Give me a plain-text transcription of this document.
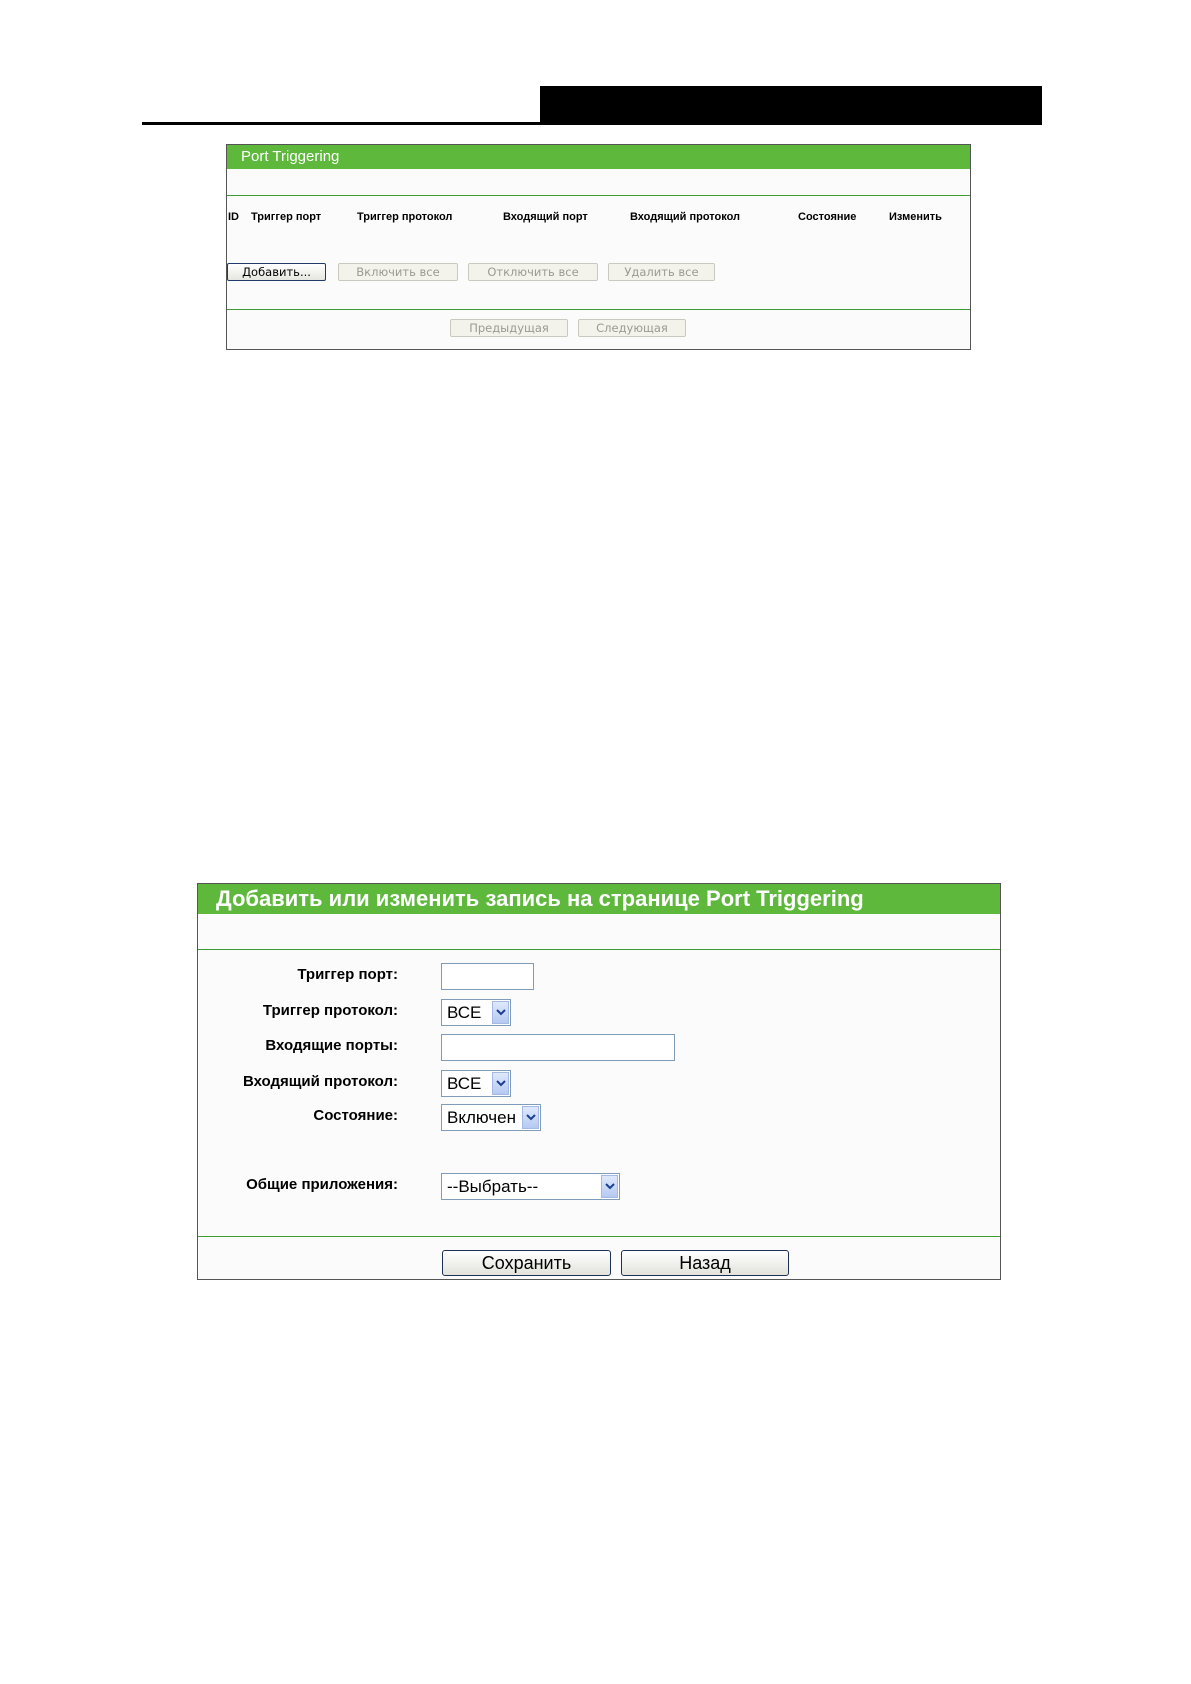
Port Triggering
ID Триггер порт	Триггер протокол	Входящий порт	Входящий протокол	Состояние	Изменить
Добавить...	Включить все	Отключить все	Удалить все
Предыдущая	Следующая
Добавить или изменить запись на странице Port Triggering
Триггер порт:
Триггер протокол:	ВСЕ
Входящие порты:
Входящий протокол:	ВСЕ
Состояние:	Включен
Общие приложения:	--Выбрать--
Сохранить	Назад
